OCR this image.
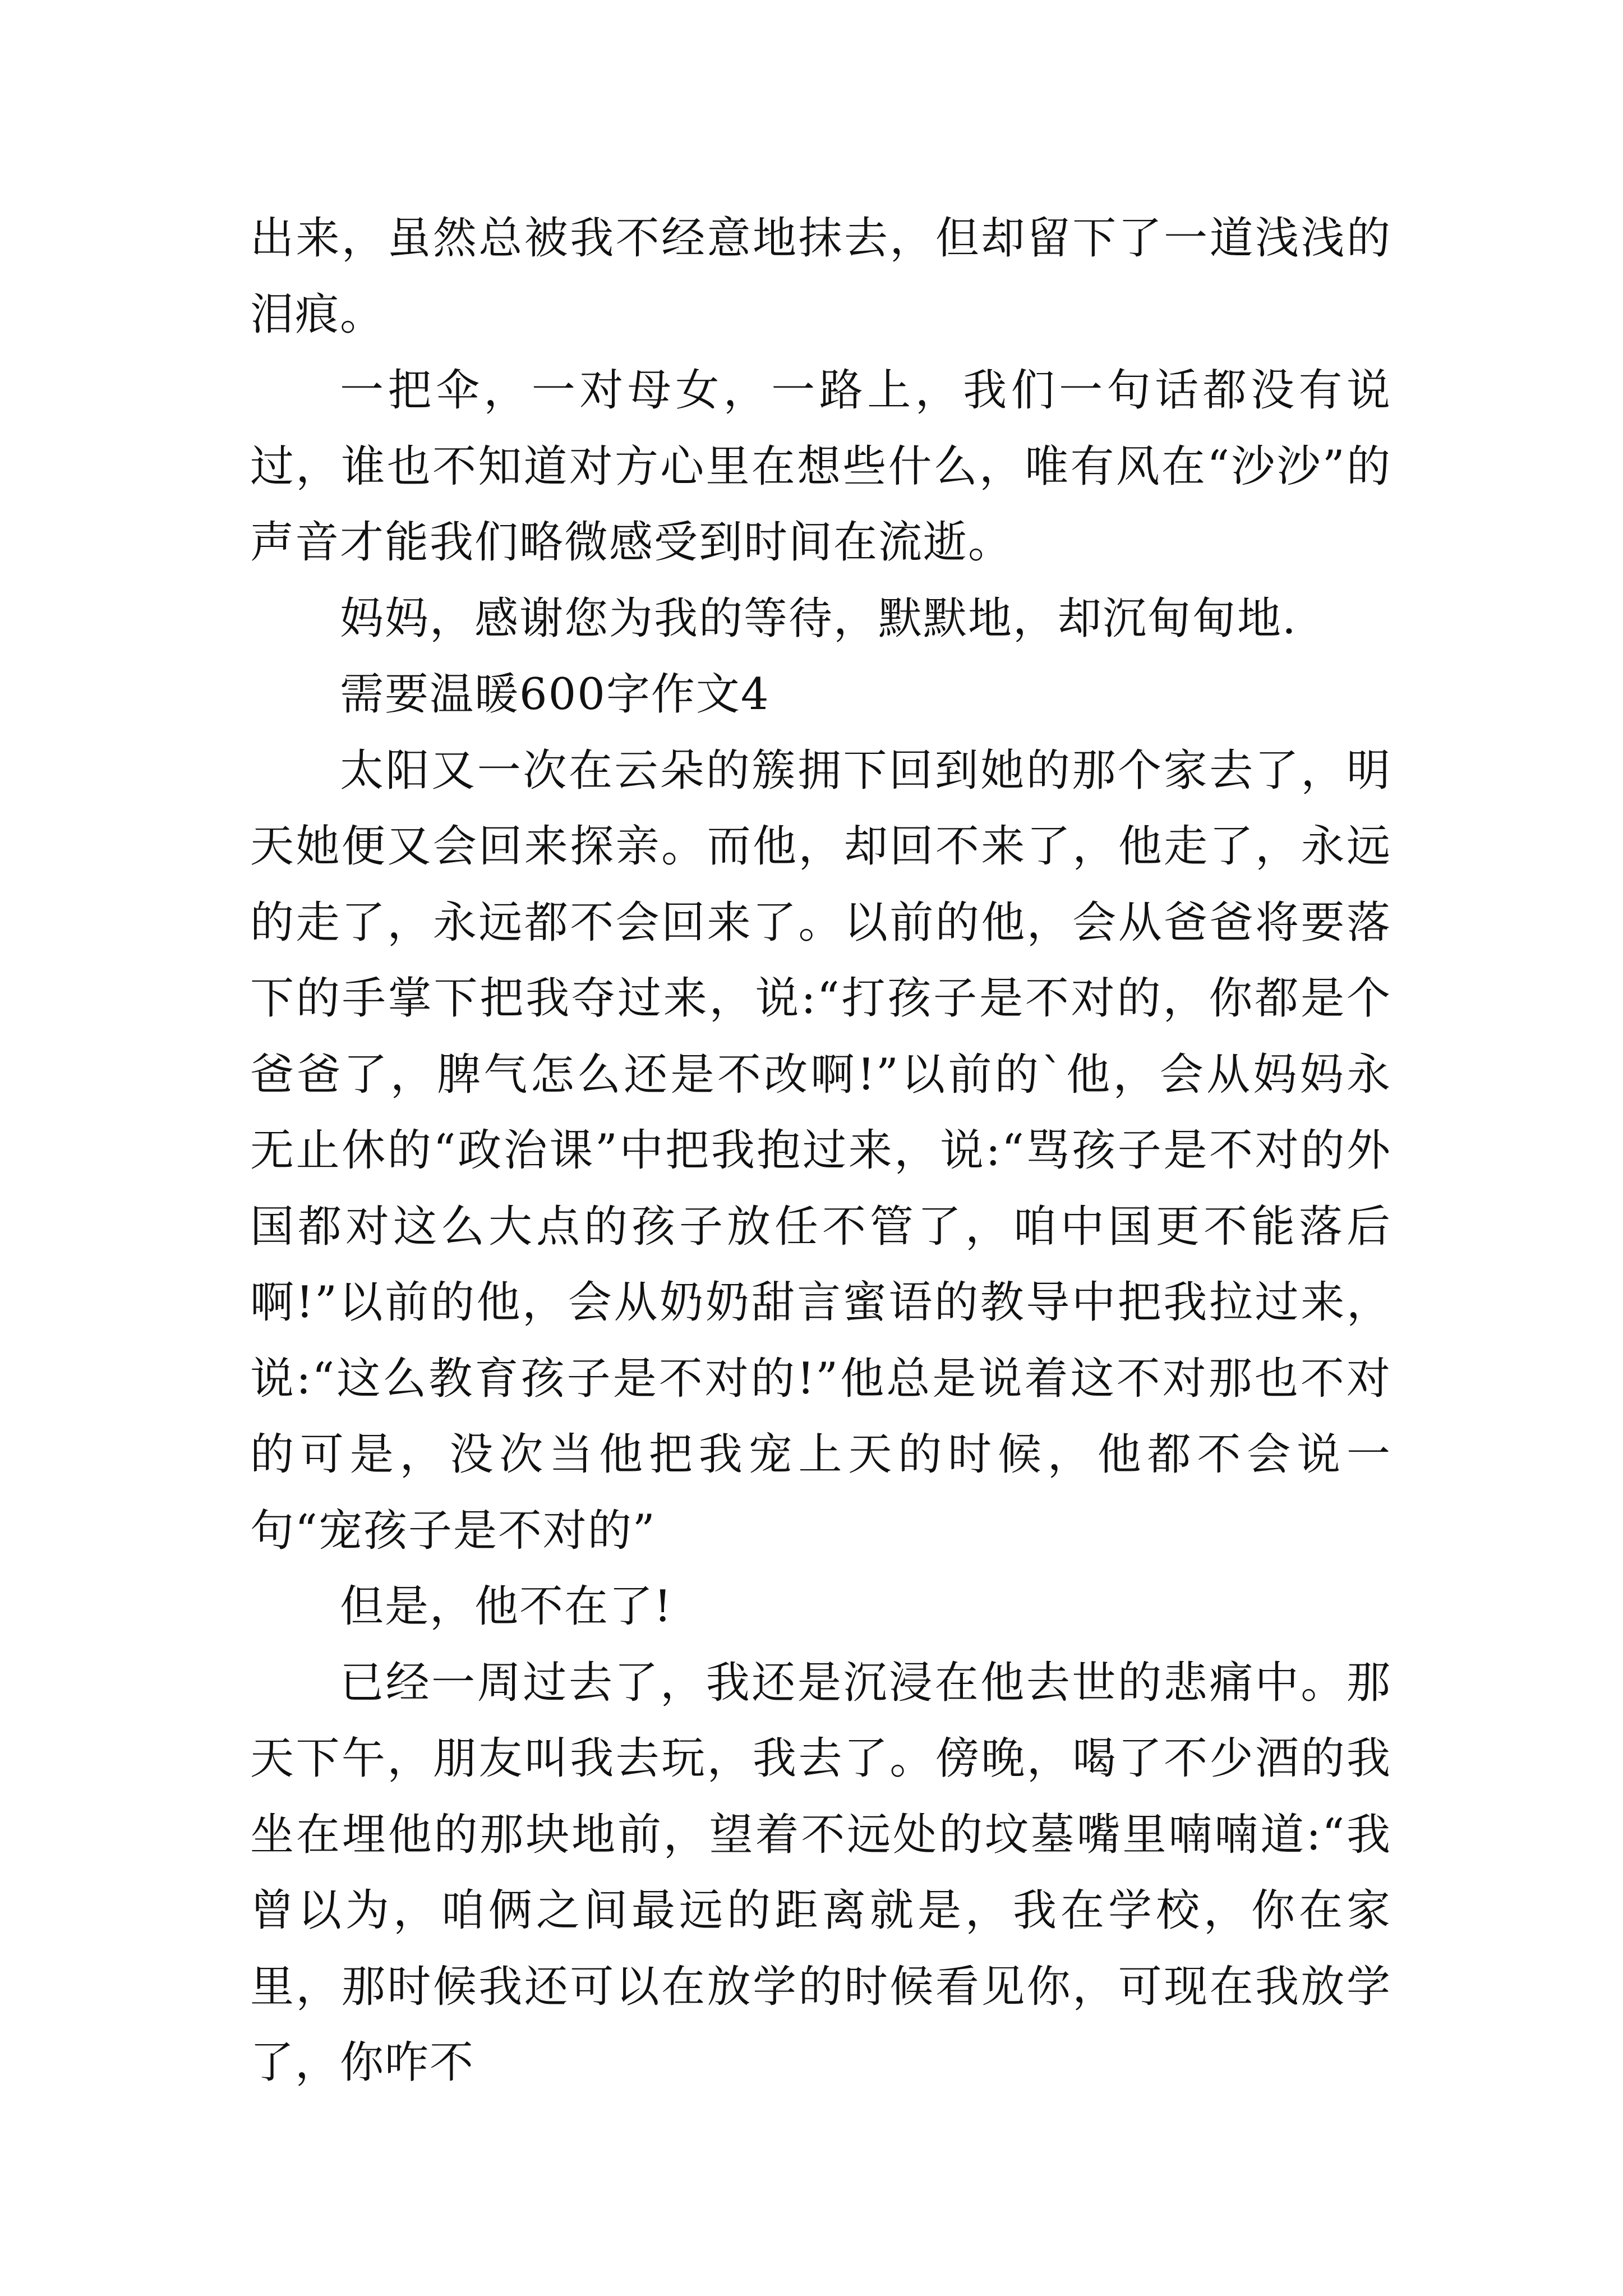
出来，虽然总被我不经意地抹去，但却留下了一道浅浅的泪痕。

一把伞，一对母女，一路上，我们一句话都没有说过，谁也不知道对方心里在想些什么，唯有风在“沙沙”的声音才能我们略微感受到时间在流逝。

妈妈，感谢您为我的等待，默默地，却沉甸甸地.

需要温暖600字作文4

太阳又一次在云朵的簇拥下回到她的那个家去了，明天她便又会回来探亲。而他，却回不来了，他走了，永远的走了，永远都不会回来了。以前的他，会从爸爸将要落下的手掌下把我夺过来，说:“打孩子是不对的，你都是个爸爸了，脾气怎么还是不改啊!”以前的`他，会从妈妈永无止休的“政治课”中把我抱过来，说:“骂孩子是不对的外国都对这么大点的孩子放任不管了，咱中国更不能落后啊!”以前的他，会从奶奶甜言蜜语的教导中把我拉过来，说:“这么教育孩子是不对的!”他总是说着这不对那也不对的可是，没次当他把我宠上天的时候，他都不会说一句“宠孩子是不对的”

但是，他不在了!

已经一周过去了，我还是沉浸在他去世的悲痛中。那天下午，朋友叫我去玩，我去了。傍晚，喝了不少酒的我坐在埋他的那块地前，望着不远处的坟墓嘴里喃喃道:“我曾以为，咱俩之间最远的距离就是，我在学校，你在家里，那时候我还可以在放学的时候看见你，可现在我放学了，你咋不
